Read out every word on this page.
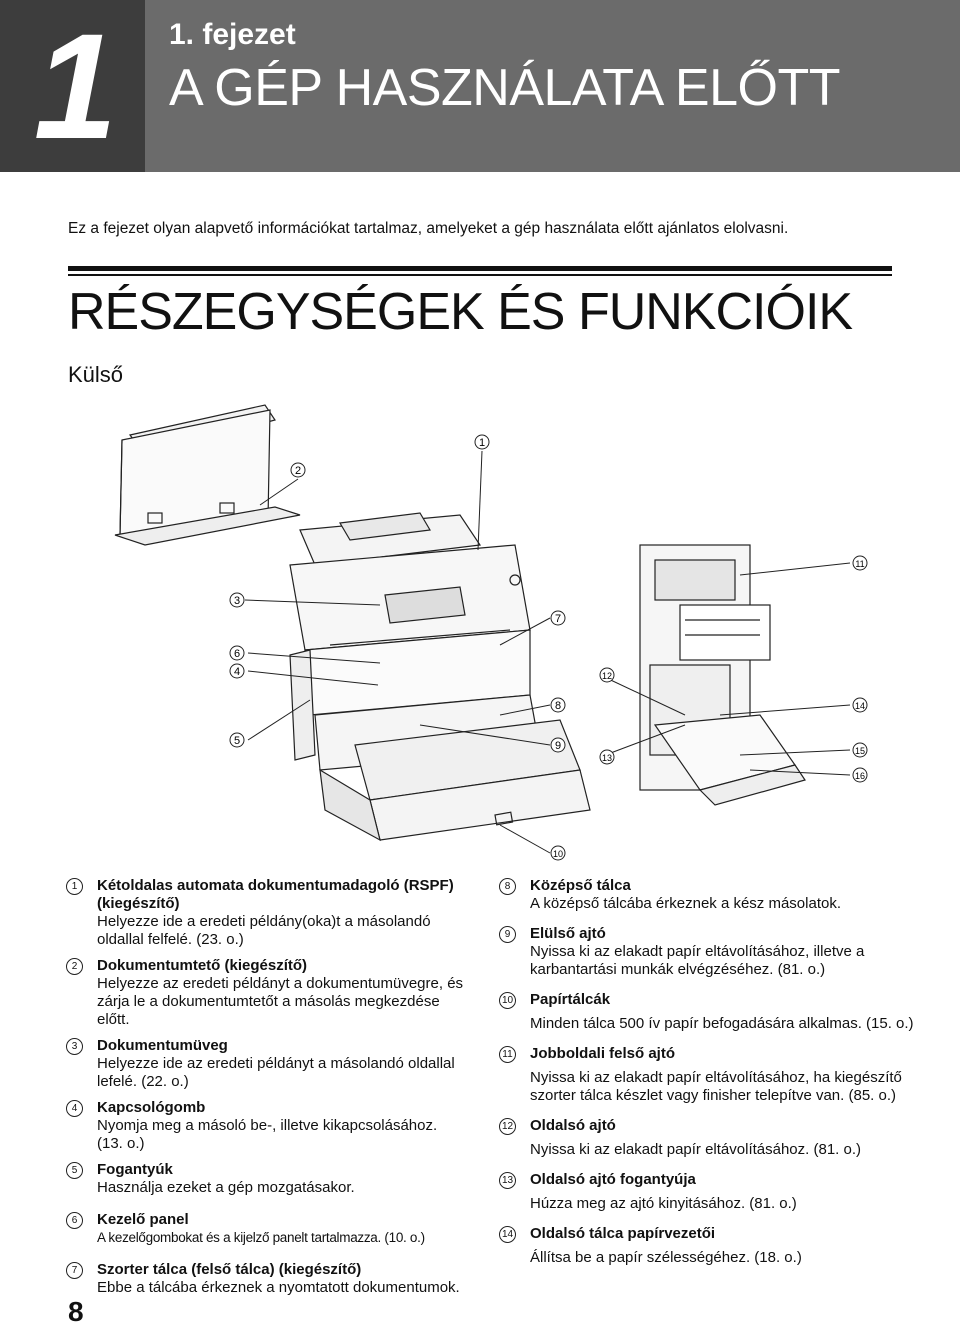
1	1. fejezet
A GÉP HASZNÁLATA ELŐTT
Ez a fejezet olyan alapvető információkat tartalmaz, amelyeket a gép használata előtt ajánlatos elolvasni.
RÉSZEGYSÉGEK ÉS FUNKCIÓIK
Külső
1
2
3
6
4
5
7
8
9
10
11
12
13
14
15
16
1	Kétoldalas automata dokumentumadagoló (RSPF) (kiegészítő)
Helyezze ide a eredeti példány(oka)t a másolandó oldallal felfelé. (23. o.)
2	Dokumentumtető (kiegészítő)
Helyezze az eredeti példányt a dokumentumüvegre, és zárja le a dokumentumtetőt a másolás megkezdése előtt.
3	Dokumentumüveg
Helyezze ide az eredeti példányt a másolandó oldallal lefelé. (22. o.)
4	Kapcsológomb
Nyomja meg a másoló be-, illetve kikapcsolásához. (13. o.)
5	Fogantyúk
Használja ezeket a gép mozgatásakor.
6	Kezelő panel
A kezelőgombokat és a kijelző panelt tartalmazza. (10. o.)
7	Szorter tálca (felső tálca) (kiegészítő)
Ebbe a tálcába érkeznek a nyomtatott dokumentumok.
8	Középső tálca
A középső tálcába érkeznek a kész másolatok.
9	Elülső ajtó
Nyissa ki az elakadt papír eltávolításához, illetve a karbantartási munkák elvégzéséhez. (81. o.)
10 Papírtálcák
Minden tálca 500 ív papír befogadására alkalmas. (15. o.)
11 Jobboldali felső ajtó
Nyissa ki az elakadt papír eltávolításához, ha kiegészítő szorter tálca készlet vagy finisher telepítve van. (85. o.)
12 Oldalsó ajtó
Nyissa ki az elakadt papír eltávolításához. (81. o.)
13 Oldalsó ajtó fogantyúja
Húzza meg az ajtó kinyitásához. (81. o.)
14 Oldalsó tálca papírvezetői
Állítsa be a papír szélességéhez. (18. o.)
8
